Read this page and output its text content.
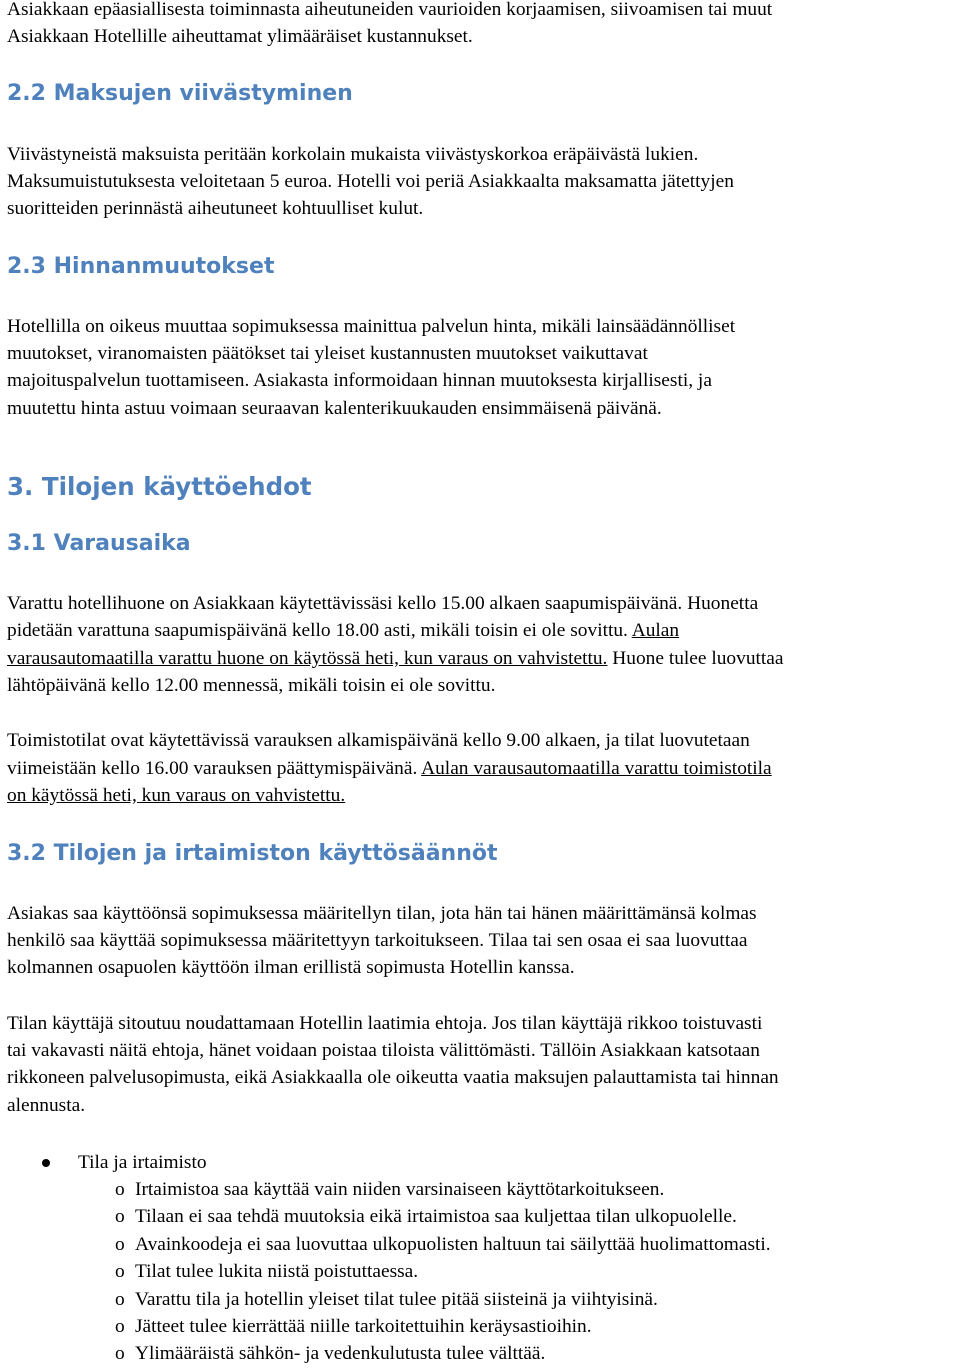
Asiakkaan epäasiallisesta toiminnasta aiheutuneiden vaurioiden korjaamisen, siivoamisen tai muut

Asiakkaan Hotellille aiheuttamat ylimääräiset kustannukset.

2.2 Maksujen viivästyminen

Viivästyneistä maksuista peritään korkolain mukaista viivästyskorkoa eräpäivästä lukien.

Maksumuistutuksesta veloitetaan 5 euroa. Hotelli voi periä Asiakkaalta maksamatta jätettyjen

suoritteiden perinnästä aiheutuneet kohtuulliset kulut.

2.3 Hinnanmuutokset

Hotellilla on oikeus muuttaa sopimuksessa mainittua palvelun hinta, mikäli lainsäädännölliset

muutokset, viranomaisten päätökset tai yleiset kustannusten muutokset vaikuttavat

majoituspalvelun tuottamiseen. Asiakasta informoidaan hinnan muutoksesta kirjallisesti, ja

muutettu hinta astuu voimaan seuraavan kalenterikuukauden ensimmäisenä päivänä.

3. Tilojen käyttöehdot
3.1 Varausaika

Varattu hotellihuone on Asiakkaan käytettävissäsi kello 15.00 alkaen saapumispäivänä. Huonetta

pidetään varattuna saapumispäivänä kello 18.00 asti, mikäli toisin ei ole sovittu. Aulan

varausautomaatilla varattu huone on käytössä heti, kun varaus on vahvistettu. Huone tulee luovuttaa

lähtöpäivänä kello 12.00 mennessä, mikäli toisin ei ole sovittu.

Toimistotilat ovat käytettävissä varauksen alkamispäivänä kello 9.00 alkaen, ja tilat luovutetaan

viimeistään kello 16.00 varauksen päättymispäivänä. Aulan varausautomaatilla varattu toimistotila

on käytössä heti, kun varaus on vahvistettu.

3.2 Tilojen ja irtaimiston käyttösäännöt

Asiakas saa käyttöönsä sopimuksessa määritellyn tilan, jota hän tai hänen määrittämänsä kolmas

henkilö saa käyttää sopimuksessa määritettyyn tarkoitukseen. Tilaa tai sen osaa ei saa luovuttaa

kolmannen osapuolen käyttöön ilman erillistä sopimusta Hotellin kanssa.

Tilan käyttäjä sitoutuu noudattamaan Hotellin laatimia ehtoja. Jos tilan käyttäjä rikkoo toistuvasti

tai vakavasti näitä ehtoja, hänet voidaan poistaa tiloista välittömästi. Tällöin Asiakkaan katsotaan

rikkoneen palvelusopimusta, eikä Asiakkaalla ole oikeutta vaatia maksujen palauttamista tai hinnan

alennusta.

Tila ja irtaimisto
o Irtaimistoa saa käyttää vain niiden varsinaiseen käyttötarkoitukseen.
o Tilaan ei saa tehdä muutoksia eikä irtaimistoa saa kuljettaa tilan ulkopuolelle.
o Avainkoodeja ei saa luovuttaa ulkopuolisten haltuun tai säilyttää huolimattomasti.
o Tilat tulee lukita niistä poistuttaessa.
o Varattu tila ja hotellin yleiset tilat tulee pitää siisteinä ja viihtyisinä.
o Jätteet tulee kierrättää niille tarkoitettuihin keräysastioihin.
o Ylimääräistä sähkön- ja vedenkulutusta tulee välttää.
